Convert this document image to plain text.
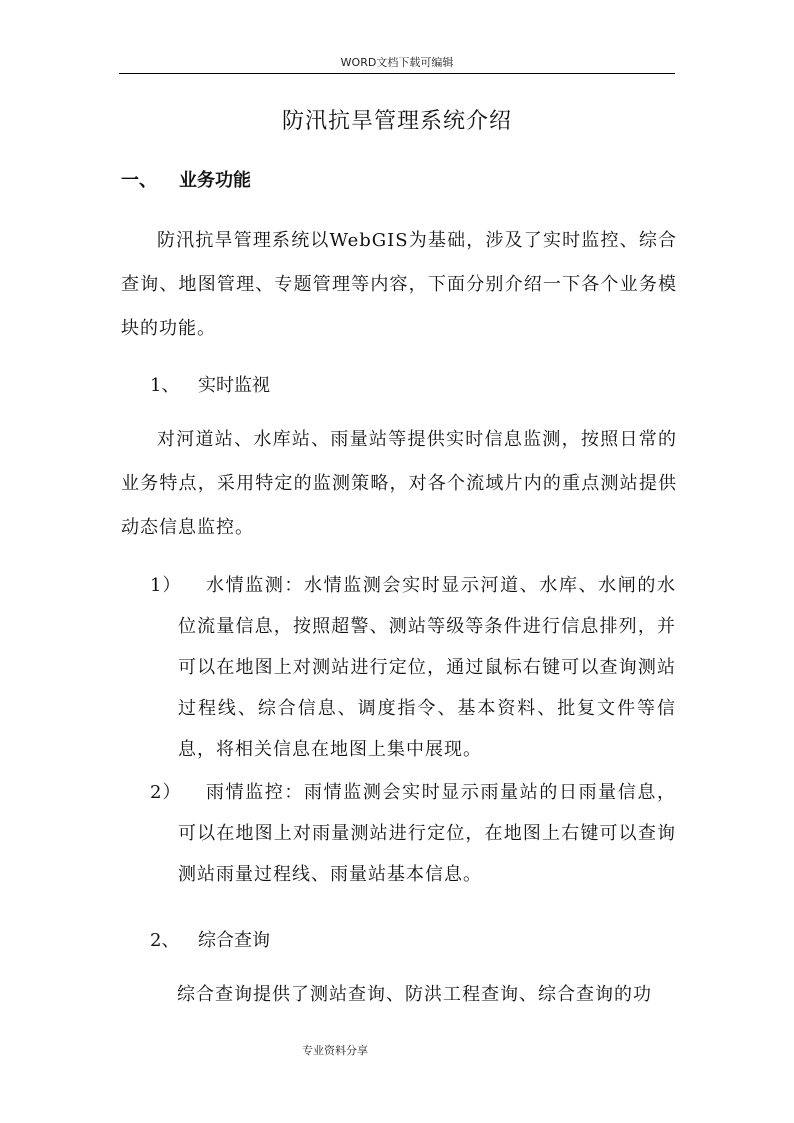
WORD文档下载可编辑
防汛抗旱管理系统介绍
一、 业务功能
防汛抗旱管理系统以WebGIS为基础，涉及了实时监控、综合查询、地图管理、专题管理等内容，下面分别介绍一下各个业务模块的功能。
1、 实时监视
对河道站、水库站、雨量站等提供实时信息监测，按照日常的业务特点，采用特定的监测策略，对各个流域片内的重点测站提供动态信息监控。
1）	水情监测：水情监测会实时显示河道、水库、水闸的水位流量信息，按照超警、测站等级等条件进行信息排列，并可以在地图上对测站进行定位，通过鼠标右键可以查询测站过程线、综合信息、调度指令、基本资料、批复文件等信息，将相关信息在地图上集中展现。
2）	雨情监控：雨情监测会实时显示雨量站的日雨量信息，可以在地图上对雨量测站进行定位，在地图上右键可以查询测站雨量过程线、雨量站基本信息。
2、 综合查询
综合查询提供了测站查询、防洪工程查询、综合查询的功
专业资料分享
